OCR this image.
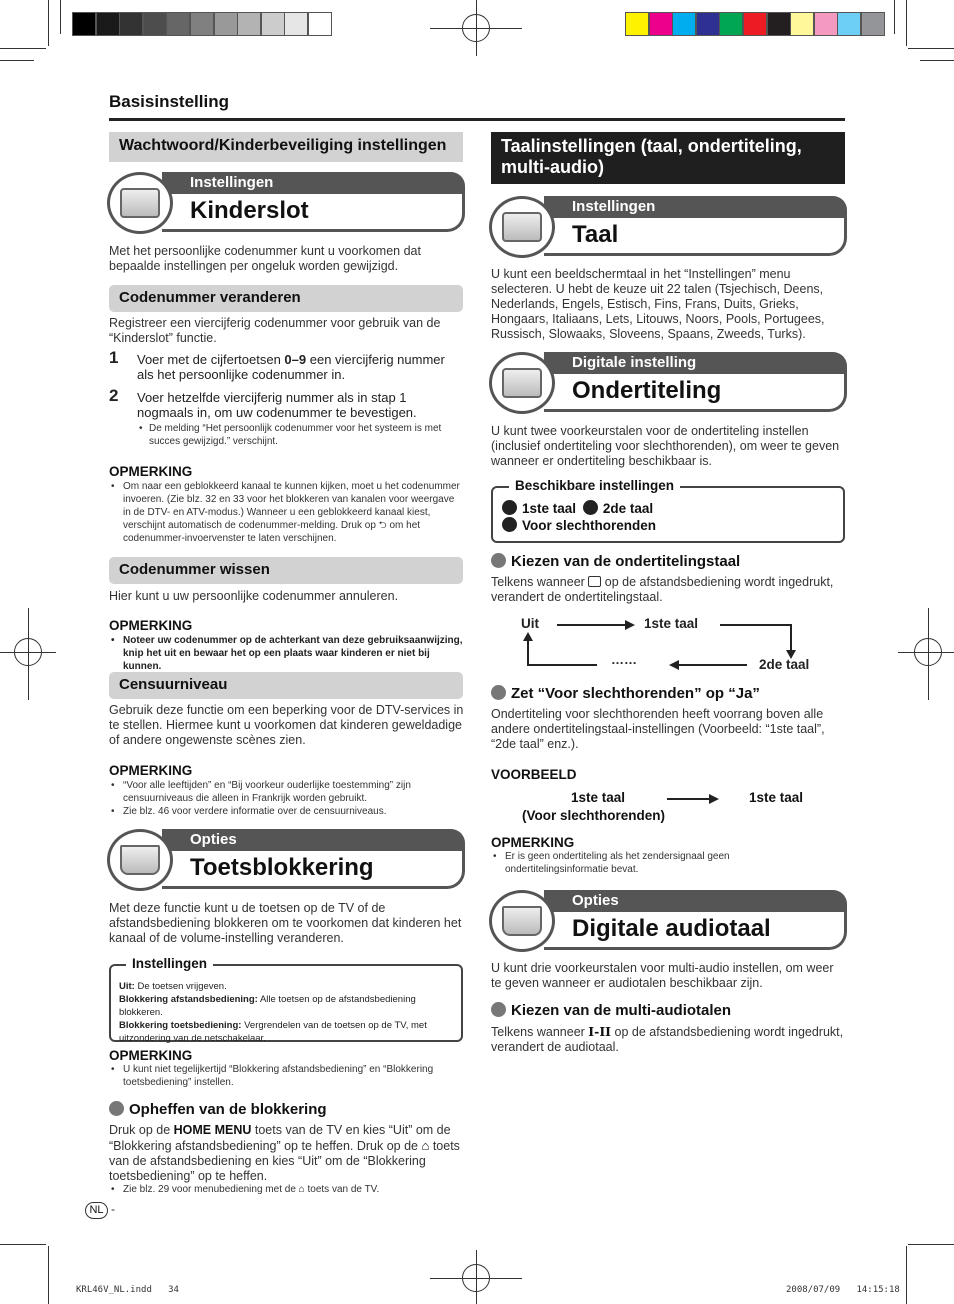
Basisinstelling
Wachtwoord/Kinderbeveiliging instellingen
Instellingen
Kinderslot
Met het persoonlijke codenummer kunt u voorkomen dat bepaalde instellingen per ongeluk worden gewijzigd.
Codenummer veranderen
Registreer een viercijferig codenummer voor gebruik van de “Kinderslot” functie.
1 Voer met de cijfertoetsen 0–9 een viercijferig nummer als het persoonlijke codenummer in.
2 Voer hetzelfde viercijferig nummer als in stap 1 nogmaals in, om uw codenummer te bevestigen.
• De melding “Het persoonlijk codenummer voor het systeem is met succes gewijzigd.” verschijnt.
OPMERKING
• Om naar een geblokkeerd kanaal te kunnen kijken, moet u het codenummer invoeren. (Zie blz. 32 en 33 voor het blokkeren van kanalen voor weergave in de DTV- en ATV-modus.) Wanneer u een geblokkeerd kanaal kiest, verschijnt automatisch de codenummer-melding. Druk op ⮌ om het codenummer-invoervenster te laten verschijnen.
Codenummer wissen
Hier kunt u uw persoonlijke codenummer annuleren.
OPMERKING
• Noteer uw codenummer op de achterkant van deze gebruiksaanwijzing, knip het uit en bewaar het op een plaats waar kinderen er niet bij kunnen.
Censuurniveau
Gebruik deze functie om een beperking voor de DTV-services in te stellen. Hiermee kunt u voorkomen dat kinderen geweldadige of andere ongewenste scènes zien.
OPMERKING
• “Voor alle leeftijden” en “Bij voorkeur ouderlijke toestemming” zijn censuurniveaus die alleen in Frankrijk worden gebruikt.
• Zie blz. 46 voor verdere informatie over de censuurniveaus.
Opties
Toetsblokkering
Met deze functie kunt u de toetsen op de TV of de afstandsbediening blokkeren om te voorkomen dat kinderen het kanaal of de volume-instelling veranderen.
Instellingen
Uit: De toetsen vrijgeven.
Blokkering afstandsbediening: Alle toetsen op de afstandsbediening blokkeren.
Blokkering toetsbediening: Vergrendelen van de toetsen op de TV, met uitzondering van de netschakelaar.
OPMERKING
• U kunt niet tegelijkertijd “Blokkering afstandsbediening” en “Blokkering toetsbediening” instellen.
Opheffen van de blokkering
Druk op de HOME MENU toets van de TV en kies “Uit” om de “Blokkering afstandsbediening” op te heffen. Druk op de ⌂ toets van de afstandsbediening en kies “Uit” om de “Blokkering toetsbediening” op te heffen.
• Zie blz. 29 voor menubediening met de ⌂ toets van de TV.
Taalinstellingen (taal, ondertiteling, multi-audio)
Instellingen
Taal
U kunt een beeldschermtaal in het “Instellingen” menu selecteren. U hebt de keuze uit 22 talen (Tsjechisch, Deens, Nederlands, Engels, Estisch, Fins, Frans, Duits, Grieks, Hongaars, Italiaans, Lets, Litouws, Noors, Pools, Portugees, Russisch, Slowaaks, Sloveens, Spaans, Zweeds, Turks).
Digitale instelling
Ondertiteling
U kunt twee voorkeurstalen voor de ondertiteling instellen (inclusief ondertiteling voor slechthorenden), om weer te geven wanneer er ondertiteling beschikbaar is.
Beschikbare instellingen
1ste taal 2de taal
Voor slechthorenden
Kiezen van de ondertitelingstaal
Telkens wanneer  op de afstandsbediening wordt ingedrukt, verandert de ondertitelingstaal.
Uit	1ste taal
2de taal
……
Zet “Voor slechthorenden” op “Ja”
Ondertiteling voor slechthorenden heeft voorrang boven alle andere ondertitelingstaal-instellingen (Voorbeeld: “1ste taal”, “2de taal” enz.).
VOORBEELD
1ste taal
(Voor slechthorenden)
1ste taal
OPMERKING
• Er is geen ondertiteling als het zendersignaal geen ondertitelingsinformatie bevat.
Opties
Digitale audiotaal
U kunt drie voorkeurstalen voor multi-audio instellen, om weer te geven wanneer er audiotalen beschikbaar zijn.
Kiezen van de multi-audiotalen
Telkens wanneer I-II op de afstandsbediening wordt ingedrukt, verandert de audiotaal.
NL -
KRL46V_NL.indd   34	2008/07/09   14:15:18
